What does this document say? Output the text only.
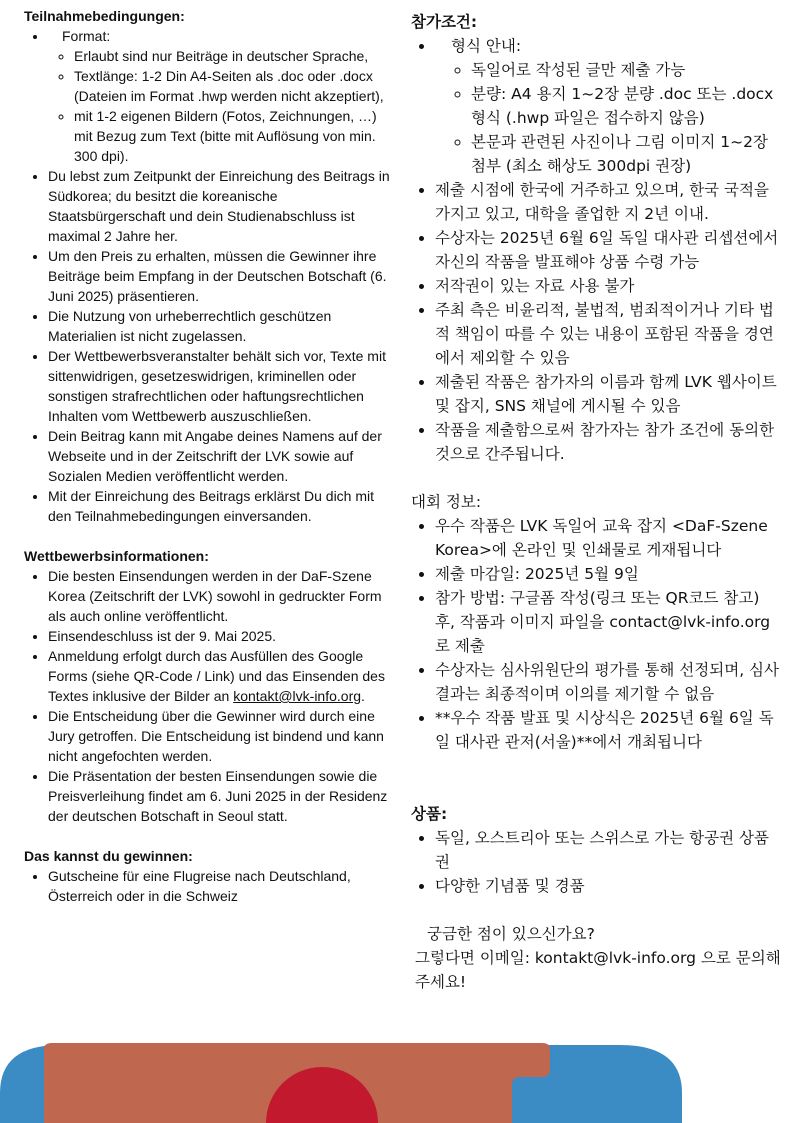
Teilnahmebedingungen:

• Format:
◦ Erlaubt sind nur Beiträge in deutscher Sprache,
◦ Textlänge: 1-2 Din A4-Seiten als .doc oder .docx (Dateien im Format .hwp werden nicht akzeptiert),
◦ mit 1-2 eigenen Bildern (Fotos, Zeichnungen, …) mit Bezug zum Text (bitte mit Auflösung von min. 300 dpi).
• Du lebst zum Zeitpunkt der Einreichung des Beitrags in Südkorea; du besitzt die koreanische Staatsbürgerschaft und dein Studienabschluss ist maximal 2 Jahre her.
• Um den Preis zu erhalten, müssen die Gewinner ihre Beiträge beim Empfang in der Deutschen Botschaft (6. Juni 2025) präsentieren.
• Die Nutzung von urheberrechtlich geschützen Materialien ist nicht zugelassen.
• Der Wettbewerbsveranstalter behält sich vor, Texte mit sittenwidrigen, gesetzeswidrigen, kriminellen oder sonstigen strafrechtlichen oder haftungsrechtlichen Inhalten vom Wettbewerb auszuschließen.
• Dein Beitrag kann mit Angabe deines Namens auf der Webseite und in der Zeitschrift der LVK sowie auf Sozialen Medien veröffentlicht werden.
• Mit der Einreichung des Beitrags erklärst Du dich mit den Teilnahmebedingungen einversanden.

Wettbewerbsinformationen:

• Die besten Einsendungen werden in der DaF-Szene Korea (Zeitschrift der LVK) sowohl in gedruckter Form als auch online veröffentlicht.
• Einsendeschluss ist der 9. Mai 2025.
• Anmeldung erfolgt durch das Ausfüllen des Google Forms (siehe QR-Code / Link) und das Einsenden des Textes inklusive der Bilder an kontakt@lvk-info.org.
• Die Entscheidung über die Gewinner wird durch eine Jury getroffen. Die Entscheidung ist bindend und kann nicht angefochten werden.
• Die Präsentation der besten Einsendungen sowie die Preisverleihung findet am 6. Juni 2025 in der Residenz der deutschen Botschaft in Seoul statt.

Das kannst du gewinnen:

• Gutscheine für eine Flugreise nach Deutschland, Österreich oder in die Schweiz

참가조건:

• 형식 안내:
◦ 독일어로 작성된 글만 제출 가능
◦ 분량: A4 용지 1~2장 분량 .doc 또는 .docx 형식 (.hwp 파일은 접수하지 않음)
◦ 본문과 관련된 사진이나 그림 이미지 1~2장 첨부 (최소 해상도 300dpi 권장)
• 제출 시점에 한국에 거주하고 있으며, 한국 국적을 가지고 있고, 대학을 졸업한 지 2년 이내.
• 수상자는 2025년 6월 6일 독일 대사관 리셉션에서 자신의 작품을 발표해야 상품 수령 가능
• 저작권이 있는 자료 사용 불가
• 주최 측은 비윤리적, 불법적, 범죄적이거나 기타 법적 책임이 따를 수 있는 내용이 포함된 작품을 경연에서 제외할 수 있음
• 제출된 작품은 참가자의 이름과 함께 LVK 웹사이트 및 잡지, SNS 채널에 게시될 수 있음
• 작품을 제출함으로써 참가자는 참가 조건에 동의한 것으로 간주됩니다.

대회 정보:

• 우수 작품은 LVK 독일어 교육 잡지 <DaF-Szene Korea>에 온라인 및 인쇄물로 게재됩니다
• 제출 마감일: 2025년 5월 9일
• 참가 방법: 구글폼 작성(링크 또는 QR코드 참고) 후, 작품과 이미지 파일을 contact@lvk-info.org 로 제출
• 수상자는 심사위원단의 평가를 통해 선정되며, 심사 결과는 최종적이며 이의를 제기할 수 없음
• **우수 작품 발표 및 시상식은 2025년 6월 6일 독일 대사관 관저(서울)**에서 개최됩니다

상품:

• 독일, 오스트리아 또는 스위스로 가는 항공권 상품권
• 다양한 기념품 및 경품

궁금한 점이 있으신가요?

그렇다면 이메일: kontakt@lvk-info.org 으로 문의해 주세요!
